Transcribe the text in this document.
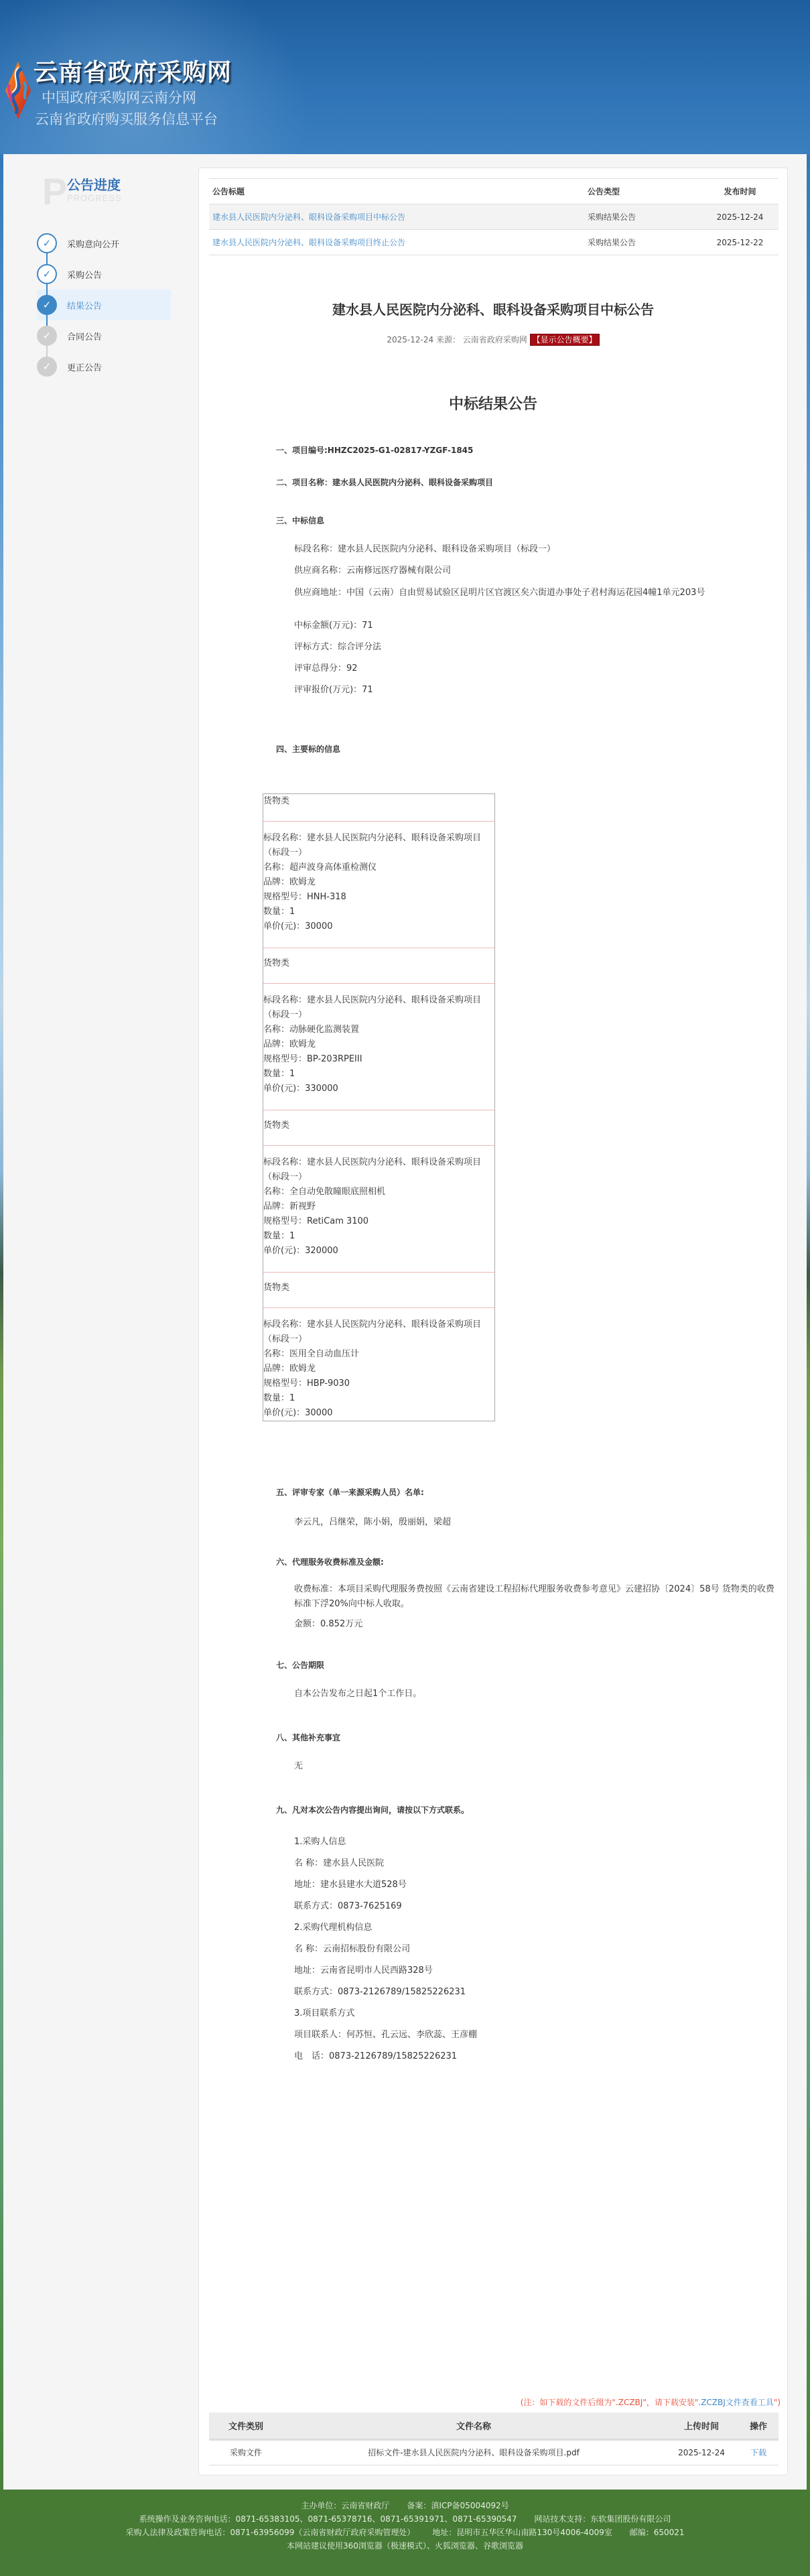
云南省政府采购网
中国政府采购网云南分网
云南省政府购买服务信息平台
P 公告进度
PROGRESS
✓	采购意向公开
✓	采购公告
✓	结果公告
✓	合同公告
✓	更正公告
公告标题	公告类型	发布时间
建水县人民医院内分泌科、眼科设备采购项目中标公告	采购结果公告	2025-12-24
建水县人民医院内分泌科、眼科设备采购项目终止公告	采购结果公告	2025-12-22
建水县人民医院内分泌科、眼科设备采购项目中标公告
2025-12-24 来源： 云南省政府采购网 【显示公告概要】
中标结果公告
一、项目编号:HHZC2025-G1-02817-YZGF-1845
二、项目名称：建水县人民医院内分泌科、眼科设备采购项目
三、中标信息
标段名称：建水县人民医院内分泌科、眼科设备采购项目（标段一）
供应商名称：云南修远医疗器械有限公司
供应商地址：中国（云南）自由贸易试验区昆明片区官渡区矣六街道办事处子君村海运花园4幢1单元203号
中标金额(万元)：71
评标方式：综合评分法
评审总得分：92
评审报价(万元)：71
四、主要标的信息
货物类
标段名称：建水县人民医院内分泌科、眼科设备采购项目（标段一）
名称：超声波身高体重检测仪
品牌：欧姆龙
规格型号：HNH-318
数量：1
单价(元)：30000
货物类
标段名称：建水县人民医院内分泌科、眼科设备采购项目（标段一）
名称：动脉硬化监测装置
品牌：欧姆龙
规格型号：BP-203RPEIII
数量：1
单价(元)：330000
货物类
标段名称：建水县人民医院内分泌科、眼科设备采购项目（标段一）
名称：全自动免散瞳眼底照相机
品牌：新视野
规格型号：RetiCam 3100
数量：1
单价(元)：320000
货物类
标段名称：建水县人民医院内分泌科、眼科设备采购项目（标段一）
名称：医用全自动血压计
品牌：欧姆龙
规格型号：HBP-9030
数量：1
单价(元)：30000
五、评审专家（单一来源采购人员）名单:
李云凡，吕继荣，陈小娟，殷丽娟，梁超
六、代理服务收费标准及金额:
收费标准：本项目采购代理服务费按照《云南省建设工程招标代理服务收费参考意见》云建招协〔2024〕58号 货物类的收费标准下浮20%向中标人收取。
金额：0.852万元
七、公告期限
自本公告发布之日起1个工作日。
八、其他补充事宜
无
九、凡对本次公告内容提出询问，请按以下方式联系。
1.采购人信息
名 称：建水县人民医院
地址：建水县建水大道528号
联系方式：0873-7625169
2.采购代理机构信息
名 称：云南招标股份有限公司
地址：云南省昆明市人民西路328号
联系方式：0873-2126789/15825226231
3.项目联系方式
项目联系人：何苏恒、孔云远、李欣蕊、王彦棚
电　话：0873-2126789/15825226231
(注：如下载的文件后缀为".ZCZBJ"，请下载安装".ZCZBJ文件查看工具")
文件类别	文件名称	上传时间	操作
采购文件	招标文件-建水县人民医院内分泌科、眼科设备采购项目.pdf	2025-12-24	下载
主办单位：云南省财政厅 备案：滇ICP备05004092号
系统操作及业务咨询电话：0871-65383105、0871-65378716、0871-65391971、0871-65390547 网站技术支持：东软集团股份有限公司
采购人法律及政策咨询电话：0871-63956099（云南省财政厅政府采购管理处） 地址：昆明市五华区华山南路130号4006-4009室 邮编：650021
本网站建议使用360浏览器（极速模式）、火狐浏览器、谷歌浏览器
